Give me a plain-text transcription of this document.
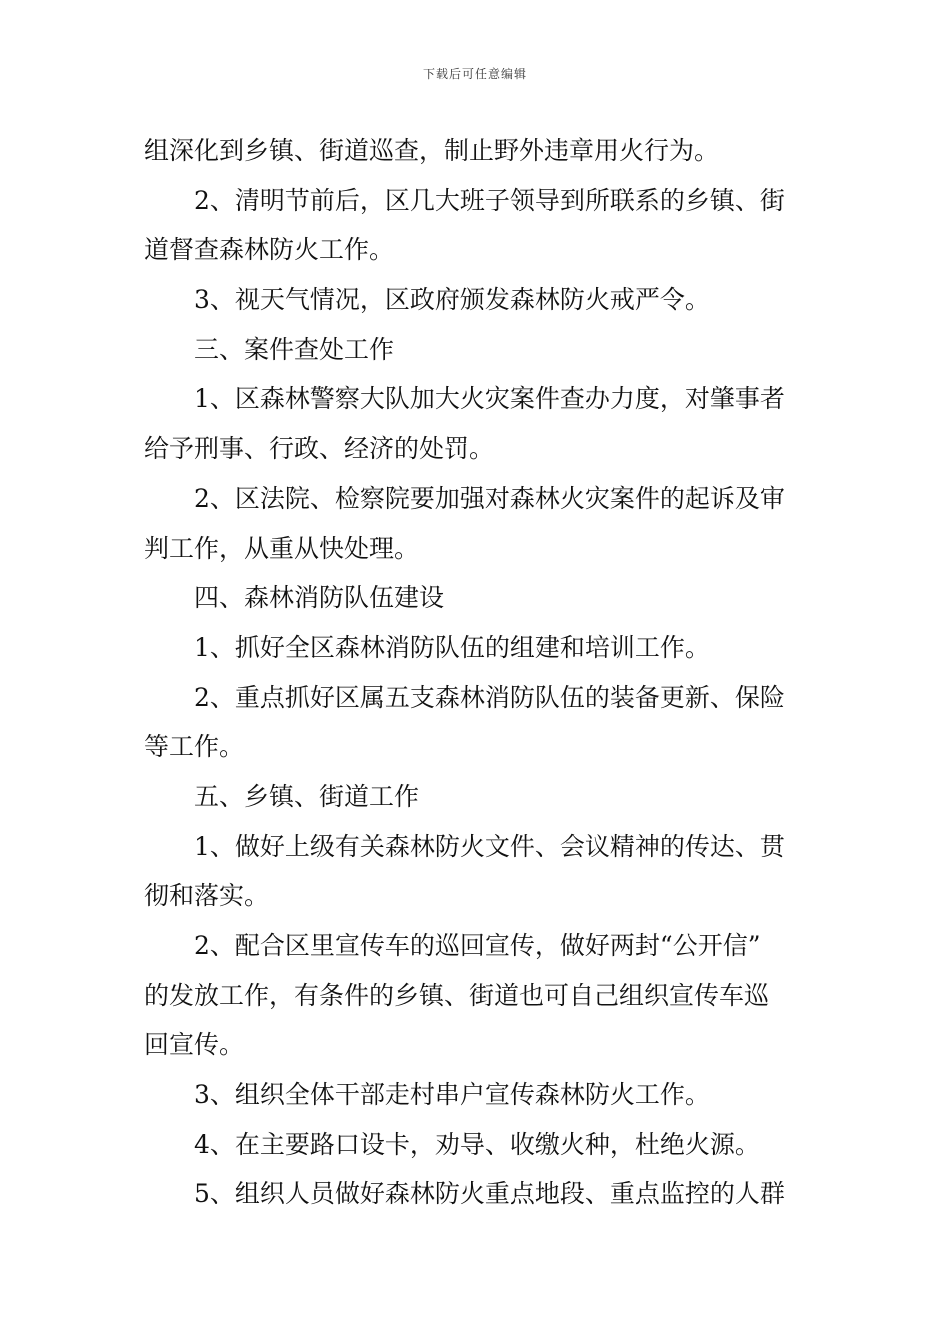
下载后可任意编辑
组深化到乡镇、街道巡查，制止野外违章用火行为。
2、清明节前后，区几大班子领导到所联系的乡镇、街
道督查森林防火工作。
3、视天气情况，区政府颁发森林防火戒严令。
三、案件查处工作
1、区森林警察大队加大火灾案件查办力度，对肇事者
给予刑事、行政、经济的处罚。
2、区法院、检察院要加强对森林火灾案件的起诉及审
判工作，从重从快处理。
四、森林消防队伍建设
1、抓好全区森林消防队伍的组建和培训工作。
2、重点抓好区属五支森林消防队伍的装备更新、保险
等工作。
五、乡镇、街道工作
1、做好上级有关森林防火文件、会议精神的传达、贯
彻和落实。
2、配合区里宣传车的巡回宣传，做好两封“公开信”
的发放工作，有条件的乡镇、街道也可自己组织宣传车巡
回宣传。
3、组织全体干部走村串户宣传森林防火工作。
4、在主要路口设卡，劝导、收缴火种，杜绝火源。
5、组织人员做好森林防火重点地段、重点监控的人群
